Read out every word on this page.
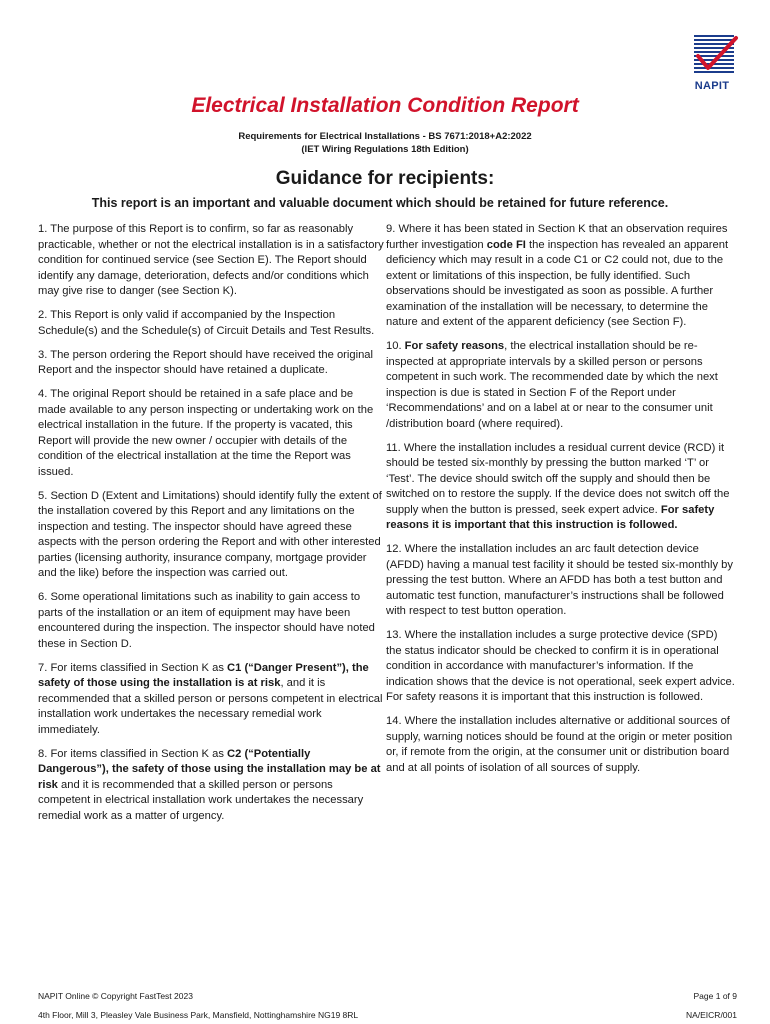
NAPIT
Electrical Installation Condition Report
Requirements for Electrical Installations - BS 7671:2018+A2:2022
(IET Wiring Regulations 18th Edition)
Guidance for recipients:
This report is an important and valuable document which should be retained for future reference.

1. The purpose of this Report is to confirm, so far as reasonably practicable, whether or not the electrical installation is in a satisfactory condition for continued service (see Section E). The Report should identify any damage, deterioration, defects and/or conditions which may give rise to danger (see Section K).

2. This Report is only valid if accompanied by the Inspection Schedule(s) and the Schedule(s) of Circuit Details and Test Results.

3. The person ordering the Report should have received the original Report and the inspector should have retained a duplicate.

4. The original Report should be retained in a safe place and be made available to any person inspecting or undertaking work on the electrical installation in the future. If the property is vacated, this Report will provide the new owner / occupier with details of the condition of the electrical installation at the time the Report was issued.

5. Section D (Extent and Limitations) should identify fully the extent of the installation covered by this Report and any limitations on the inspection and testing. The inspector should have agreed these aspects with the person ordering the Report and with other interested parties (licensing authority, insurance company, mortgage provider and the like) before the inspection was carried out.

6. Some operational limitations such as inability to gain access to parts of the installation or an item of equipment may have been encountered during the inspection. The inspector should have noted these in Section D.

7. For items classified in Section K as C1 (“Danger Present”), the safety of those using the installation is at risk, and it is recommended that a skilled person or persons competent in electrical installation work undertakes the necessary remedial work immediately.

8. For items classified in Section K as C2 (“Potentially Dangerous”), the safety of those using the installation may be at risk and it is recommended that a skilled person or persons competent in electrical installation work undertakes the necessary remedial work as a matter of urgency.

9. Where it has been stated in Section K that an observation requires further investigation code FI the inspection has revealed an apparent deficiency which may result in a code C1 or C2 could not, due to the extent or limitations of this inspection, be fully identified. Such observations should be investigated as soon as possible. A further examination of the installation will be necessary, to determine the nature and extent of the apparent deficiency (see Section F).

10. For safety reasons, the electrical installation should be re-inspected at appropriate intervals by a skilled person or persons competent in such work. The recommended date by which the next inspection is due is stated in Section F of the Report under ‘Recommendations’ and on a label at or near to the consumer unit /distribution board (where required).

11. Where the installation includes a residual current device (RCD) it should be tested six-monthly by pressing the button marked ‘T’ or ‘Test’. The device should switch off the supply and should then be switched on to restore the supply. If the device does not switch off the supply when the button is pressed, seek expert advice. For safety reasons it is important that this instruction is followed.

12. Where the installation includes an arc fault detection device (AFDD) having a manual test facility it should be tested six-monthly by pressing the test button. Where an AFDD has both a test button and automatic test function, manufacturer’s instructions shall be followed with respect to test button operation.

13. Where the installation includes a surge protective device (SPD) the status indicator should be checked to confirm it is in operational condition in accordance with manufacturer’s information. If the indication shows that the device is not operational, seek expert advice. For safety reasons it is important that this instruction is followed.

14. Where the installation includes alternative or additional sources of supply, warning notices should be found at the origin or meter position or, if remote from the origin, at the consumer unit or distribution board and at all points of isolation of all sources of supply.

NAPIT Online © Copyright FastTest 2023
4th Floor, Mill 3, Pleasley Vale Business Park, Mansfield, Nottinghamshire NG19 8RL
Page 1 of 9
NA/EICR/001
